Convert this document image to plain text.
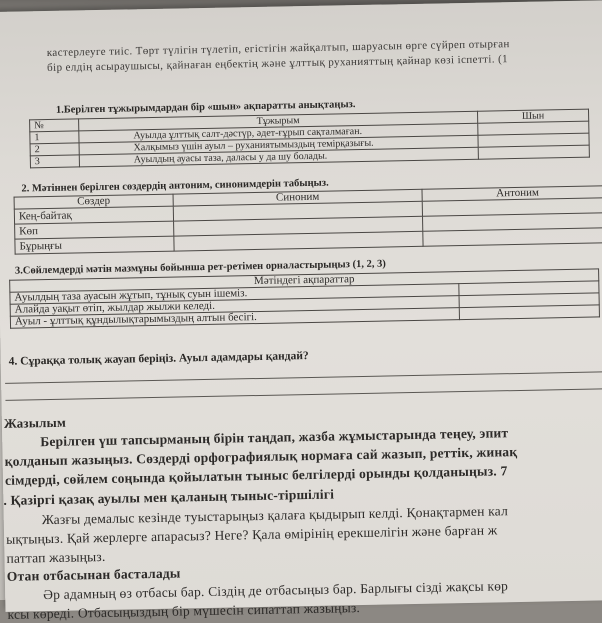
кастерлеуге тиіс. Төрт түлігін түлетіп, егістігін жайқалтып, шаруасын өрге сүйреп отырған
бір елдің асыраушысы, қайнаған еңбектің және ұлттық руханияттың қайнар көзі іспетті. (1
1.Берілген тұжырымдардан бір «шын» ақпаратты анықтаңыз.
№	Тұжырым	Шын
1	Ауылда ұлттық салт-дәстүр, әдет-ғұрып сақталмаған.	
2	Халқымыз үшін ауыл – руханиятымыздың темірқазығы.	
3	Ауылдың ауасы таза, даласы у да шу болады.	
2. Мәтіннен берілген сөздердің антоним, синонимдерін табыңыз.
Сөздер	Синоним	Антоним
Кең-байтақ		
Көп		
Бұрыңғы		
3.Сөйлемдерді мәтін мазмұны бойынша рет-ретімен орналастырыңыз (1, 2, 3)
Мәтіндегі ақпараттар	
Ауылдың таза ауасын жұтып, тұнық суын ішеміз.	
Алайда уақыт өтіп, жылдар жылжи келеді.	
Ауыл - ұлттық құндылықтарымыздың алтын бесігі.	
4. Сұраққа толық жауап беріңіз. Ауыл адамдары қандай?
Жазылым
Берілген үш тапсырманың бірін таңдап, жазба жұмыстарында теңеу, эпит
қолданып жазыңыз. Сөздерді орфографиялық нормаға сай жазып, реттік, жинақ
сімдерді, сөйлем соңында қойылатын тыныс белгілерді орынды қолданыңыз. 7
. Қазіргі қазақ ауылы мен қаланың тыныс-тіршілігі
Жазғы демалыс кезінде туыстарыңыз қалаға қыдырып келді. Қонақтармен кал
ықтыңыз. Қай жерлерге апарасыз? Неге? Қала өмірінің ерекшелігін және барған ж
паттап жазыңыз.
Отан отбасынан басталады
Әр адамның өз отбасы бар. Сіздің де отбасыңыз бар. Барлығы сізді жақсы көр
ксы көреді. Отбасыңыздың бір мүшесін сипаттап жазыңыз.
